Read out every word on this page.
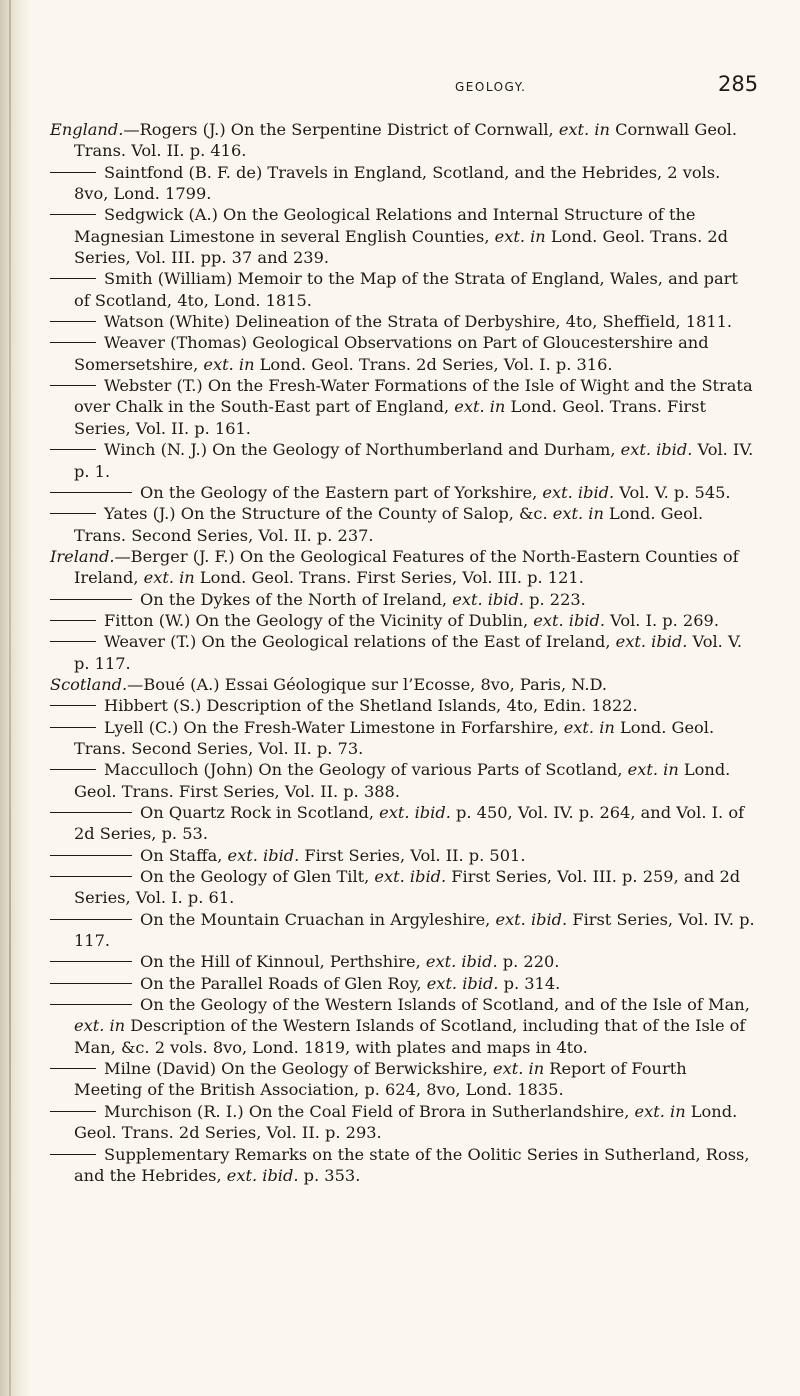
GEOLOGY.	285
England.—Rogers (J.) On the Serpentine District of Cornwall, ext. in Cornwall Geol. Trans. Vol. II. p. 416.
Saintfond (B. F. de) Travels in England, Scotland, and the Hebrides, 2 vols. 8vo, Lond. 1799.
Sedgwick (A.) On the Geological Relations and Internal Structure of the Magnesian Limestone in several English Counties, ext. in Lond. Geol. Trans. 2d Series, Vol. III. pp. 37 and 239.
Smith (William) Memoir to the Map of the Strata of England, Wales, and part of Scotland, 4to, Lond. 1815.
Watson (White) Delineation of the Strata of Derbyshire, 4to, Sheffield, 1811.
Weaver (Thomas) Geological Observations on Part of Gloucestershire and Somersetshire, ext. in Lond. Geol. Trans. 2d Series, Vol. I. p. 316.
Webster (T.) On the Fresh-Water Formations of the Isle of Wight and the Strata over Chalk in the South-East part of England, ext. in Lond. Geol. Trans. First Series, Vol. II. p. 161.
Winch (N. J.) On the Geology of Northumberland and Durham, ext. ibid. Vol. IV. p. 1.
On the Geology of the Eastern part of Yorkshire, ext. ibid. Vol. V. p. 545.
Yates (J.) On the Structure of the County of Salop, &c. ext. in Lond. Geol. Trans. Second Series, Vol. II. p. 237.
Ireland.—Berger (J. F.) On the Geological Features of the North-Eastern Counties of Ireland, ext. in Lond. Geol. Trans. First Series, Vol. III. p. 121.
On the Dykes of the North of Ireland, ext. ibid. p. 223.
Fitton (W.) On the Geology of the Vicinity of Dublin, ext. ibid. Vol. I. p. 269.
Weaver (T.) On the Geological relations of the East of Ireland, ext. ibid. Vol. V. p. 117.
Scotland.—Boué (A.) Essai Géologique sur l’Ecosse, 8vo, Paris, N.D.
Hibbert (S.) Description of the Shetland Islands, 4to, Edin. 1822.
Lyell (C.) On the Fresh-Water Limestone in Forfarshire, ext. in Lond. Geol. Trans. Second Series, Vol. II. p. 73.
Macculloch (John) On the Geology of various Parts of Scotland, ext. in Lond. Geol. Trans. First Series, Vol. II. p. 388.
On Quartz Rock in Scotland, ext. ibid. p. 450, Vol. IV. p. 264, and Vol. I. of 2d Series, p. 53.
On Staffa, ext. ibid. First Series, Vol. II. p. 501.
On the Geology of Glen Tilt, ext. ibid. First Series, Vol. III. p. 259, and 2d Series, Vol. I. p. 61.
On the Mountain Cruachan in Argyleshire, ext. ibid. First Series, Vol. IV. p. 117.
On the Hill of Kinnoul, Perthshire, ext. ibid. p. 220.
On the Parallel Roads of Glen Roy, ext. ibid. p. 314.
On the Geology of the Western Islands of Scotland, and of the Isle of Man, ext. in Description of the Western Islands of Scotland, including that of the Isle of Man, &c. 2 vols. 8vo, Lond. 1819, with plates and maps in 4to.
Milne (David) On the Geology of Berwickshire, ext. in Report of Fourth Meeting of the British Association, p. 624, 8vo, Lond. 1835.
Murchison (R. I.) On the Coal Field of Brora in Sutherlandshire, ext. in Lond. Geol. Trans. 2d Series, Vol. II. p. 293.
Supplementary Remarks on the state of the Oolitic Series in Sutherland, Ross, and the Hebrides, ext. ibid. p. 353.
